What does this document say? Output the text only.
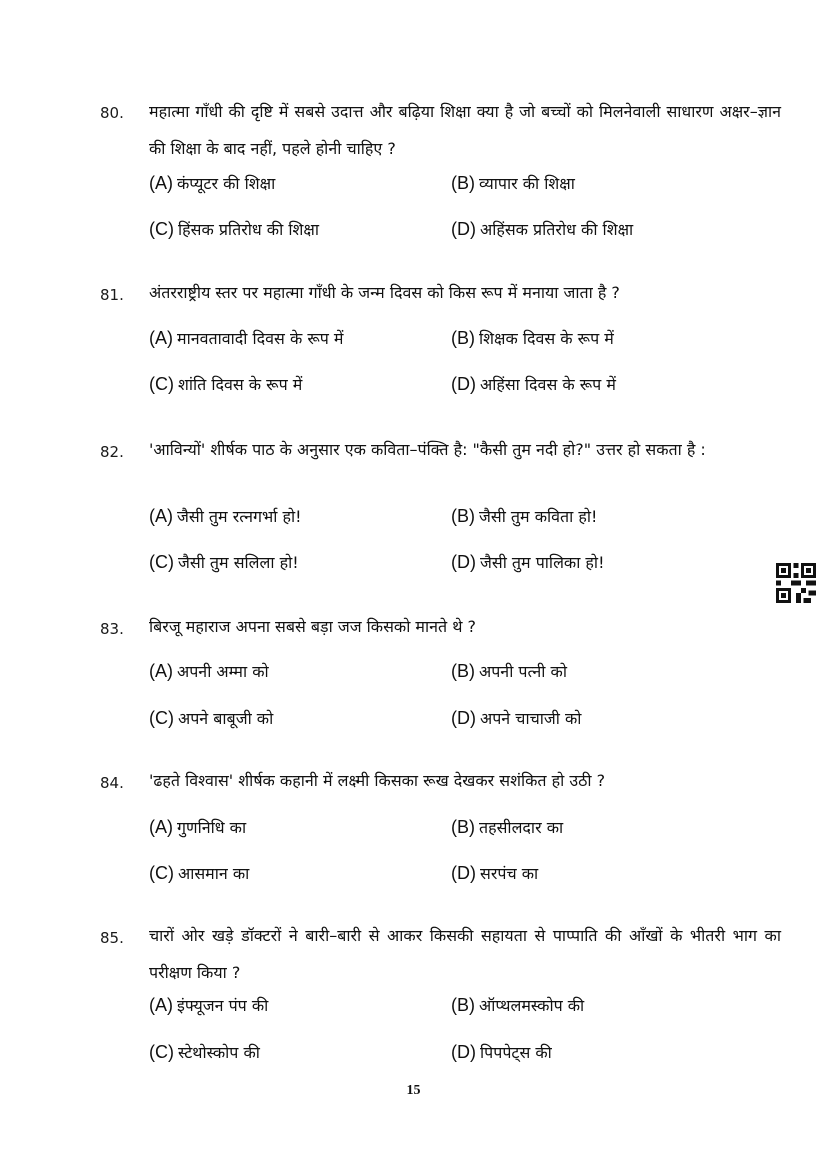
80. महात्मा गाँधी की दृष्टि में सबसे उदात्त और बढ़िया शिक्षा क्या है जो बच्चों को मिलनेवाली साधारण अक्षर–ज्ञान की शिक्षा के बाद नहीं, पहले होनी चाहिए ?
(A) कंप्यूटर की शिक्षा	(B) व्यापार की शिक्षा
(C) हिंसक प्रतिरोध की शिक्षा	(D) अहिंसक प्रतिरोध की शिक्षा
81. अंतरराष्ट्रीय स्तर पर महात्मा गाँधी के जन्म दिवस को किस रूप में मनाया जाता है ?
(A) मानवतावादी दिवस के रूप में	(B) शिक्षक दिवस के रूप में
(C) शांति दिवस के रूप में	(D) अहिंसा दिवस के रूप में
82. 'आविन्यों' शीर्षक पाठ के अनुसार एक कविता–पंक्ति है: "कैसी तुम नदी हो?" उत्तर हो सकता है :
(A) जैसी तुम रत्नगर्भा हो!	(B) जैसी तुम कविता हो!
(C) जैसी तुम सलिला हो!	(D) जैसी तुम पालिका हो!
83. बिरजू महाराज अपना सबसे बड़ा जज किसको मानते थे ?
(A) अपनी अम्मा को	(B) अपनी पत्नी को
(C) अपने बाबूजी को	(D) अपने चाचाजी को
84. 'ढहते विश्वास' शीर्षक कहानी में लक्ष्मी किसका रूख देखकर सशंकित हो उठी ?
(A) गुणनिधि का	(B) तहसीलदार का
(C) आसमान का	(D) सरपंच का
85. चारों ओर खड़े डॉक्टरों ने बारी–बारी से आकर किसकी सहायता से पाप्पाति की आँखों के भीतरी भाग का परीक्षण किया ?
(A) इंफ्यूजन पंप की	(B) ऑप्थलमस्कोप की
(C) स्टेथोस्कोप की	(D) पिपपेट्स की
15
